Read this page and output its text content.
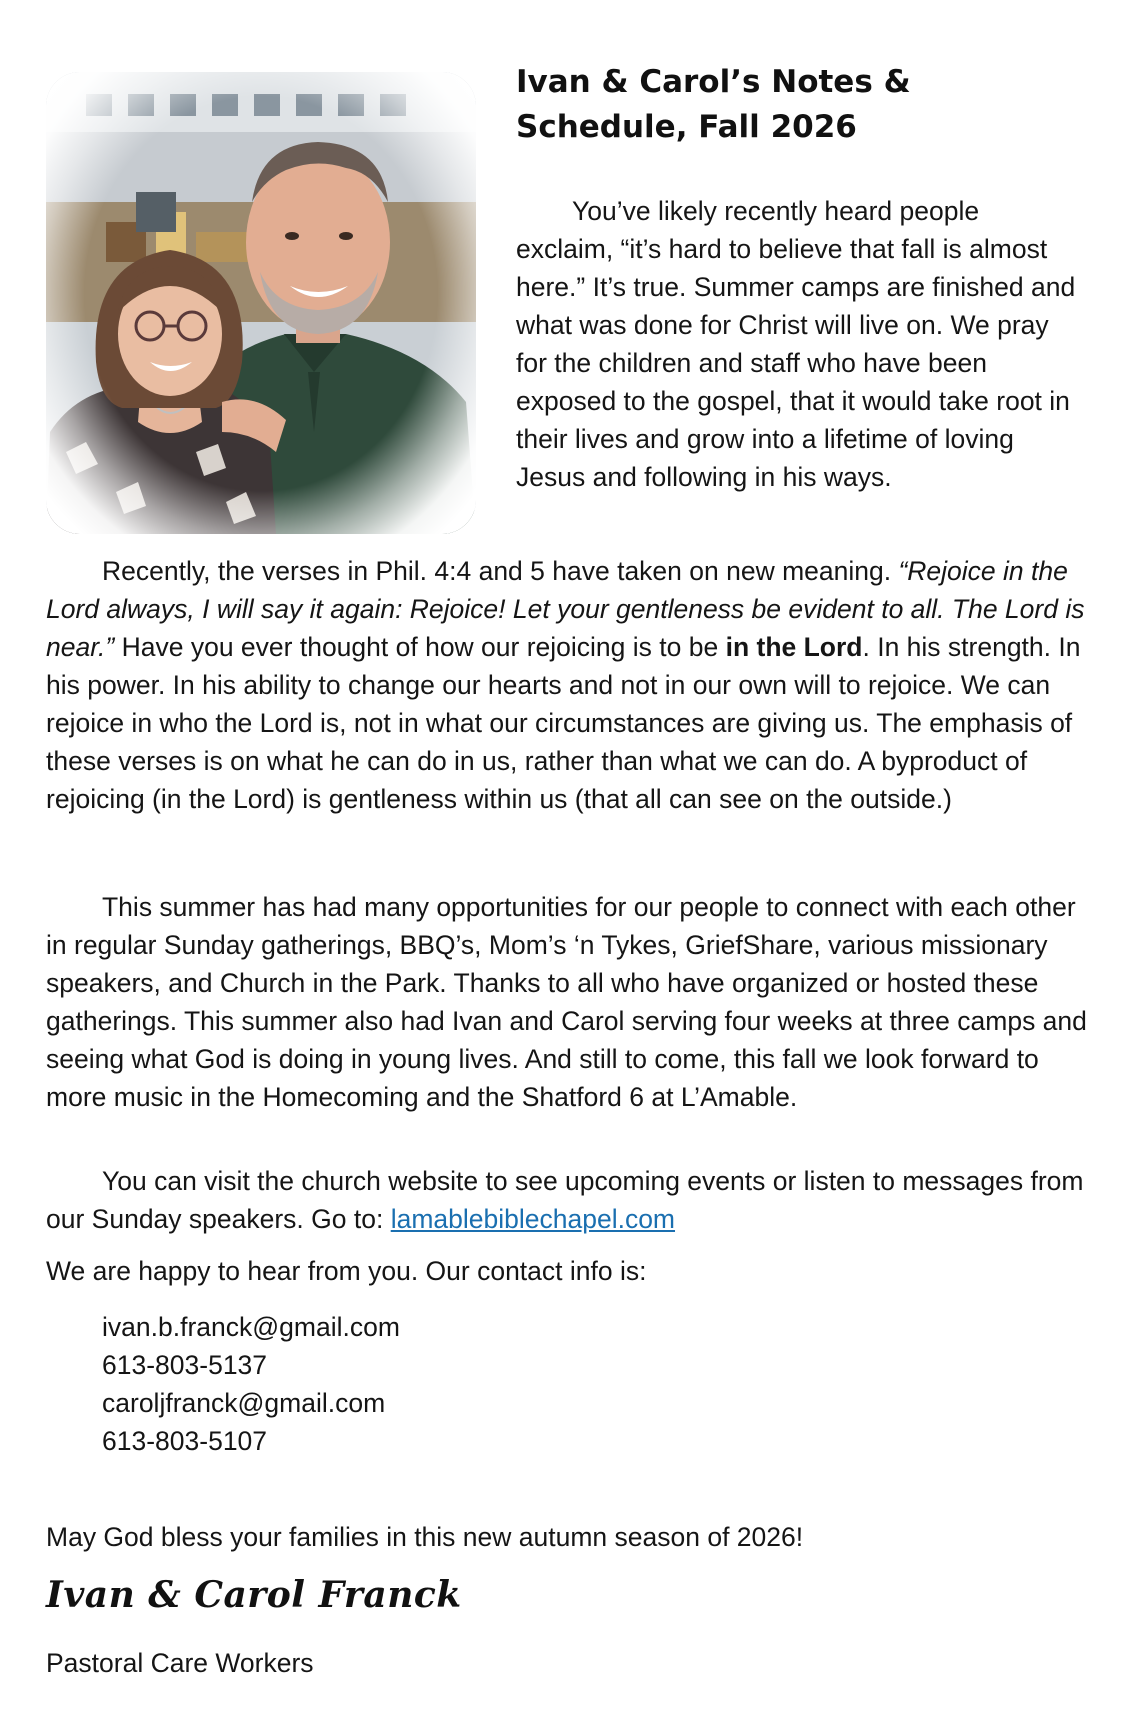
Ivan & Carol’s Notes & Schedule, Fall 2026

You’ve likely recently heard people exclaim, “it’s hard to believe that fall is almost here.” It’s true. Summer camps are finished and what was done for Christ will live on. We pray for the children and staff who have been exposed to the gospel, that it would take root in their lives and grow into a lifetime of loving Jesus and following in his ways.

Recently, the verses in Phil. 4:4 and 5 have taken on new meaning. “Rejoice in the Lord always, I will say it again: Rejoice! Let your gentleness be evident to all. The Lord is near.” Have you ever thought of how our rejoicing is to be in the Lord. In his strength. In his power. In his ability to change our hearts and not in our own will to rejoice. We can rejoice in who the Lord is, not in what our circumstances are giving us. The emphasis of these verses is on what he can do in us, rather than what we can do. A byproduct of rejoicing (in the Lord) is gentleness within us (that all can see on the outside.)

This summer has had many opportunities for our people to connect with each other in regular Sunday gatherings, BBQ’s, Mom’s ‘n Tykes, GriefShare, various missionary speakers, and Church in the Park. Thanks to all who have organized or hosted these gatherings. This summer also had Ivan and Carol serving four weeks at three camps and seeing what God is doing in young lives. And still to come, this fall we look forward to more music in the Homecoming and the Shatford 6 at L’Amable.

You can visit the church website to see upcoming events or listen to messages from our Sunday speakers. Go to: lamablebiblechapel.com

We are happy to hear from you. Our contact info is:

ivan.b.franck@gmail.com
613-803-5137
caroljfranck@gmail.com
613-803-5107

May God bless your families in this new autumn season of 2026!

Ivan & Carol Franck

Pastoral Care Workers
